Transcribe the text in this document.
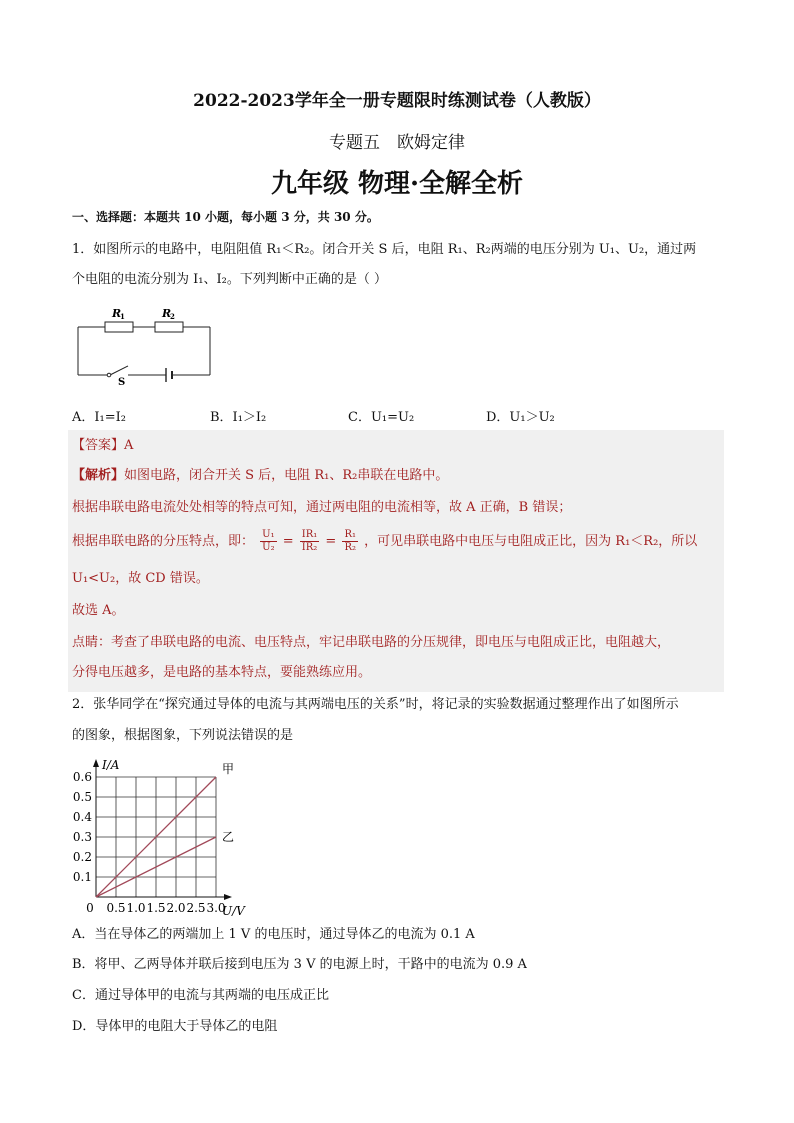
2022-2023学年全一册专题限时练测试卷（人教版）
专题五　欧姆定律
九年级 物理·全解全析
一、选择题：本题共 10 小题，每小题 3 分，共 30 分。
1．如图所示的电路中，电阻阻值 R₁＜R₂。闭合开关 S 后，电阻 R₁、R₂两端的电压分别为 U₁、U₂，通过两
个电阻的电流分别为 I₁、I₂。下列判断中正确的是（ ）
R
1	R
2
S
A．I₁=I₂	B．I₁＞I₂	C．U₁=U₂	D．U₁＞U₂
【答案】A
【解析】如图电路，闭合开关 S 后，电阻 R₁、R₂串联在电路中。
根据串联电路电流处处相等的特点可知，通过两电阻的电流相等，故 A 正确，B 错误；
根据串联电路的分压特点，即： $\frac{\text{U₁}}{\text{U₂}} = \frac{\text{IR₁}}{\text{IR₂}} = \frac{\text{R₁}}{\text{R₂}}$ ，可见串联电路中电压与电阻成正比，因为 R₁＜R₂，所以
U₁<U₂，故 CD 错误。
故选 A。
点睛：考查了串联电路的电流、电压特点，牢记串联电路的分压规律，即电压与电阻成正比，电阻越大，
分得电压越多，是电路的基本特点，要能熟练应用。
2．张华同学在“探究通过导体的电流与其两端电压的关系”时，将记录的实验数据通过整理作出了如图所示
的图象，根据图象，下列说法错误的是
0.1
0.2
0.3
0.4
0.5
0.6
0 0.5 1.0 1.5 2.0 2.5 3.0
I/A
U/V
甲
乙
A．当在导体乙的两端加上 1 V 的电压时，通过导体乙的电流为 0.1 A
B．将甲、乙两导体并联后接到电压为 3 V 的电源上时，干路中的电流为 0.9 A
C．通过导体甲的电流与其两端的电压成正比
D．导体甲的电阻大于导体乙的电阻
